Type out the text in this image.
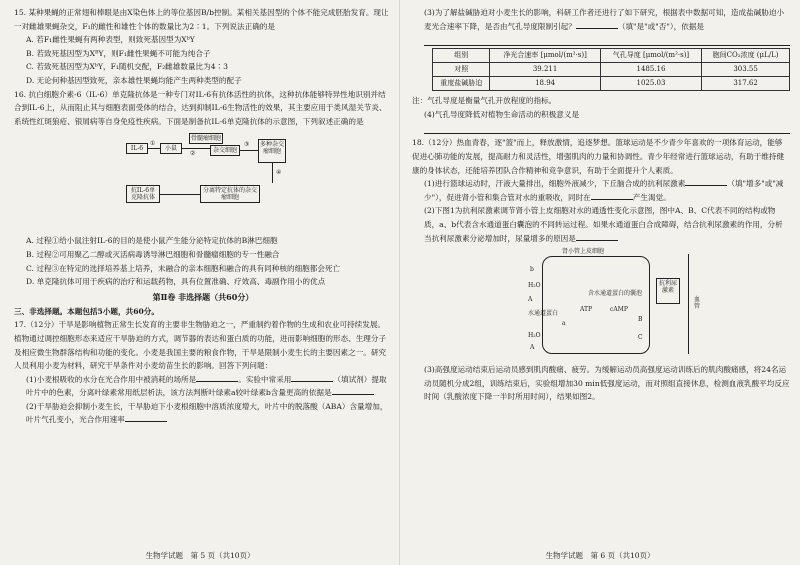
15. 某种果蝇的正常翅和棒眼是由X染色体上的等位基因B/b控制。某相关基因型的个体不能完成胚胎发育。现让一对雌雄果蝇杂交，F₁的雌性和雄性个体的数量比为2∶1。下列说法正确的是

A. 若F₁雌性果蝇有两种表型，则致死基因型为XᵇY

B. 若致死基因型为XᴮY，则F₁雌性果蝇不可能为纯合子

C. 若致死基因型为XᵇY，F₁随机交配，F₂雌雄数量比为4∶3

D. 无论何种基因型致死，亲本雄性果蝇均能产生两种类型的配子

16. 抗白细胞介素-6（IL-6）单克隆抗体是一种专门对IL-6有抗体活性的抗体，这种抗体能够特异性地识别并结合到IL-6上，从而阻止其与细胞表面受体的结合，达到抑制IL-6生物活性的效果，其主要应用于类风湿关节炎、系统性红斑狼疮、银屑病等自身免疫性疾病。下面是制备抗IL-6单克隆抗体的示意图，下列叙述正确的是

IL-6
①
小鼠
骨髓瘤细胞
②	杂交细胞
③	多种杂交瘤细胞
④
分离特定抗体的杂交瘤细胞
抗IL-6单克隆抗体

A. 过程①给小鼠注射IL-6的目的是使小鼠产生能分泌特定抗体的B淋巴细胞

B. 过程②可用聚乙二醇或灭活病毒诱导淋巴细胞和骨髓瘤细胞的专一性融合

C. 过程③在特定的选择培养基上培养，未融合的亲本细胞和融合的具有同种核的细胞都会死亡

D. 单克隆抗体可用于疾病的治疗和运载药物，具有位置准确、疗效高、毒副作用小的优点

第Ⅱ卷 非选择题（共60分）

三、非选择题。本题包括5小题，共60分。

17.（12分）干旱是影响植物正常生长发育的主要非生物胁迫之一，严重制约着作物的生成和农业可持续发展。植物通过调控细胞形态来适应干旱胁迫的方式，调节器的表达和蛋白质的功能，进而影响细胞的形态、生理分子及相应微生物群落结构和功能的变化。小麦是我国主要的粮食作物，干旱是限制小麦生长的主要因素之一。研究人员利用小麦为材料，研究干旱条件对小麦幼苗生长的影响。回答下列问题：

(1)小麦根吸收的水分在光合作用中被消耗的场所是	。实验中常采用	（填试剂）提取叶片中的色素，分离叶绿素常用纸层析法，该方法判断叶绿素a较叶绿素b含量更高的依据是

(2)干旱胁迫会抑制小麦生长，干旱胁迫下小麦根细胞中溶质浓度增大，叶片中的脱落酸（ABA）含量增加，叶片气孔变小，光合作用速率

生物学试题　第 5 页（共10页）

(3)为了解盐碱胁迫对小麦生长的影响，科研工作者还进行了如下研究，根据表中数据可知，造成盐碱胁迫小麦光合速率下降，是否由气孔导度限制引起？	（填"是"或"否"），依据是

组别	净光合速率 [μmol/(m²·s)]	气孔导度 [μmol/(m²·s)]	胞间CO₂浓度 (μL/L)
对照	39.211	1485.16	303.55
重度盐碱胁迫	18.94	1025.03	317.62

注：气孔导度是衡量气孔开放程度的指标。

(4)气孔导度降低对植物生命活动的积极意义是

18.（12分）热血青春，逐"篮"而上，释放激情，追逐梦想。篮球运动是不少青少年喜欢的一项体育运动，能够促进心肺功能的发展，提高耐力和灵活性，增强肌肉的力量和协调性。青少年经常进行篮球运动，有助于维持健康的身体状态，还能培养团队合作精神和竞争意识，有助于全面提升个人素质。

(1)进行篮球运动时，汗液大量排出，细胞外液减少，下丘脑合成的抗利尿激素	（填"增多"或"减少"），促进肾小管和集合管对水的重吸收，同时在	产生渴觉。

(2)下图1为抗利尿激素调节肾小管上皮细胞对水的通透性变化示意图，图中A、B、C代表不同的结构或物质，a、b代表含水通道蛋白囊泡的不同转运过程。如果水通道蛋白合成障碍，结合抗利尿激素的作用，分析当抗利尿激素分泌增加时，尿量增多的原因是

肾小管上皮细胞
b
H₂O
A
水通道蛋白
H₂O
A
含水通道蛋白的囊泡
ATP	cAMP
a
B
C
抗利尿激素
血管

(3)高强度运动结束后运动员感到肌肉酸痛、疲劳。为缓解运动员高强度运动训练后的肌肉酸痛感，将24名运动员随机分成2组，训练结束后，实验组增加30 min低强度运动，而对照组直接休息，检测血液乳酸平均反应时间（乳酸浓度下降一半时所用时间），结果如图2。

生物学试题　第 6 页（共10页）
